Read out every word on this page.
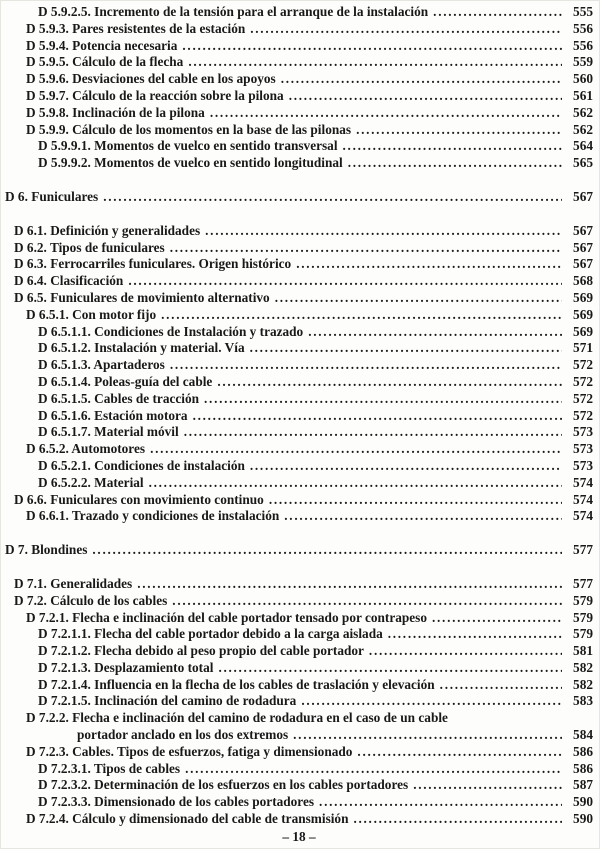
D 5.9.2.5. Incremento de la tensión para el arranque de la instalación .....	555
D 5.9.3. Pares resistentes de la estación .....	556
D 5.9.4. Potencia necesaria .....	556
D 5.9.5. Cálculo de la flecha .....	559
D 5.9.6. Desviaciones del cable en los apoyos .....	560
D 5.9.7. Cálculo de la reacción sobre la pilona .....	561
D 5.9.8. Inclinación de la pilona .....	562
D 5.9.9. Cálculo de los momentos en la base de las pilonas .....	562
D 5.9.9.1. Momentos de vuelco en sentido transversal .....	564
D 5.9.9.2. Momentos de vuelco en sentido longitudinal .....	565
D 6. Funiculares .....	567
D 6.1. Definición y generalidades .....	567
D 6.2. Tipos de funiculares .....	567
D 6.3. Ferrocarriles funiculares. Origen histórico .....	567
D 6.4. Clasificación .....	568
D 6.5. Funiculares de movimiento alternativo .....	569
D 6.5.1. Con motor fijo .....	569
D 6.5.1.1. Condiciones de Instalación y trazado .....	569
D 6.5.1.2. Instalación y material. Vía .....	571
D 6.5.1.3. Apartaderos .....	572
D 6.5.1.4. Poleas-guía del cable .....	572
D 6.5.1.5. Cables de tracción .....	572
D 6.5.1.6. Estación motora .....	572
D 6.5.1.7. Material móvil .....	573
D 6.5.2. Automotores .....	573
D 6.5.2.1. Condiciones de instalación .....	573
D 6.5.2.2. Material .....	574
D 6.6. Funiculares con movimiento continuo .....	574
D 6.6.1. Trazado y condiciones de instalación .....	574
D 7. Blondines .....	577
D 7.1. Generalidades .....	577
D 7.2. Cálculo de los cables .....	579
D 7.2.1. Flecha e inclinación del cable portador tensado por contrapeso .....	579
D 7.2.1.1. Flecha del cable portador debido a la carga aislada .....	579
D 7.2.1.2. Flecha debido al peso propio del cable portador .....	581
D 7.2.1.3. Desplazamiento total .....	582
D 7.2.1.4. Influencia en la flecha de los cables de traslación y elevación .....	582
D 7.2.1.5. Inclinación del camino de rodadura .....	583
D 7.2.2. Flecha e inclinación del camino de rodadura en el caso de un cable
portador anclado en los dos extremos .....	584
D 7.2.3. Cables. Tipos de esfuerzos, fatiga y dimensionado .....	586
D 7.2.3.1. Tipos de cables .....	586
D 7.2.3.2. Determinación de los esfuerzos en los cables portadores .....	587
D 7.2.3.3. Dimensionado de los cables portadores .....	590
D 7.2.4. Cálculo y dimensionado del cable de transmisión .....	590
– 18 –
